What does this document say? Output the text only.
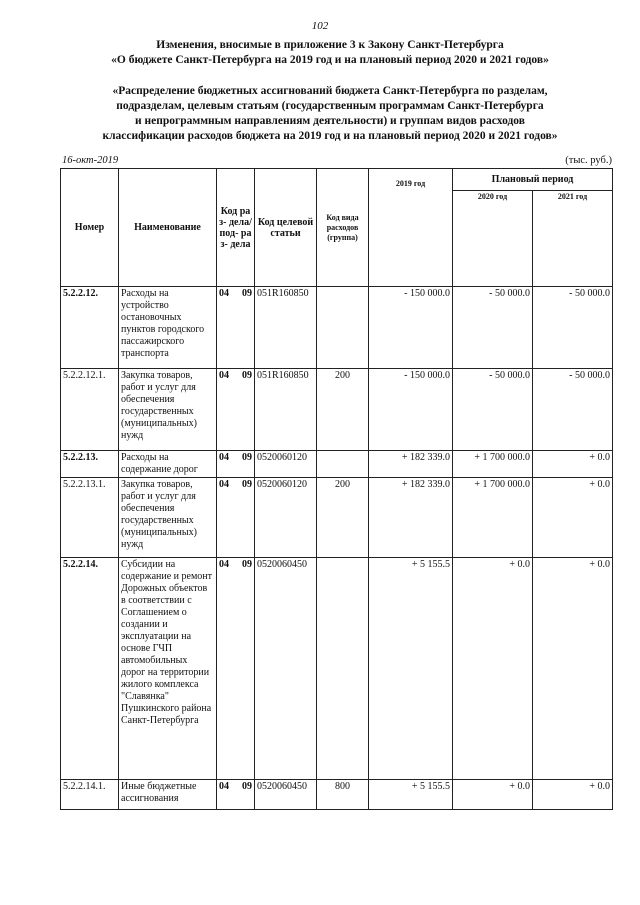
102
Изменения, вносимые в приложение 3 к Закону Санкт-Петербурга
«О бюджете Санкт-Петербурга на 2019 год и на плановый период 2020 и 2021 годов»
«Распределение бюджетных ассигнований бюджета Санкт-Петербурга по разделам,
подразделам, целевым статьям (государственным программам Санкт-Петербурга
и непрограммным направлениям деятельности) и группам видов расходов
классификации расходов бюджета на 2019 год и на плановый период 2020 и 2021 годов»
16-окт-2019	(тыс. руб.)
Номер	Наименование	Код раз- дела/ под- раз- дела	Код целевой статьи	Код вида расходов (группа)	2019 год	Плановый период	
						2020 год	2021 год
5.2.2.12.	Расходы на устройство остановочных пунктов городского пассажирского транспорта	04 09	051R160850		- 150 000.0	- 50 000.0	- 50 000.0
5.2.2.12.1.	Закупка товаров, работ и услуг для обеспечения государственных (муниципальных) нужд	04 09	051R160850	200	- 150 000.0	- 50 000.0	- 50 000.0
5.2.2.13.	Расходы на содержание дорог	04 09	0520060120		+ 182 339.0	+ 1 700 000.0	+ 0.0
5.2.2.13.1.	Закупка товаров, работ и услуг для обеспечения государственных (муниципальных) нужд	04 09	0520060120	200	+ 182 339.0	+ 1 700 000.0	+ 0.0
5.2.2.14.	Субсидии на содержание и ремонт Дорожных объектов в соответствии с Соглашением о создании и эксплуатации на основе ГЧП автомобильных дорог на территории жилого комплекса "Славянка" Пушкинского района Санкт-Петербурга	04 09	0520060450		+ 5 155.5	+ 0.0	+ 0.0
5.2.2.14.1.	Иные бюджетные ассигнования	04 09	0520060450	800	+ 5 155.5	+ 0.0	+ 0.0
